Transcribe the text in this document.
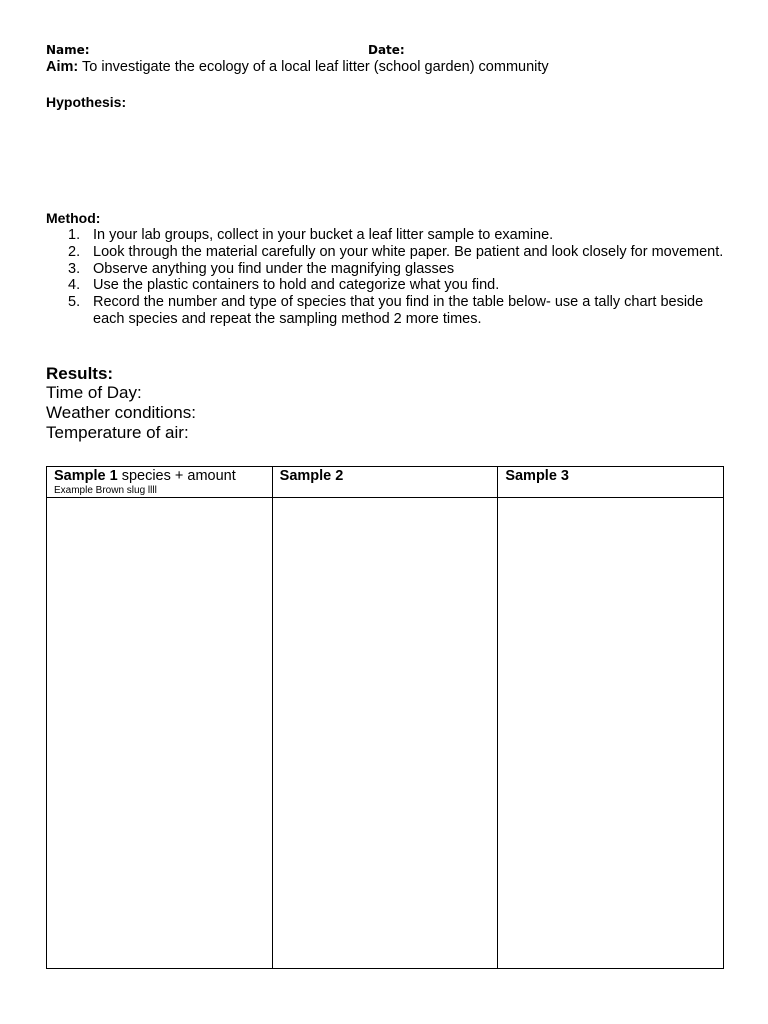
Name:	Date:
Aim: To investigate the ecology of a local leaf litter (school garden) community
Hypothesis:
Method:
1. In your lab groups, collect in your bucket a leaf litter sample to examine.
2. Look through the material carefully on your white paper. Be patient and look closely for movement.
3. Observe anything you find under the magnifying glasses
4. Use the plastic containers to hold and categorize what you find.
5. Record the number and type of species that you find in the table below- use a tally chart beside each species and repeat the sampling method 2 more times.
Results:
Time of Day:
Weather conditions:
Temperature of air:
Sample 1 species + amount
Example Brown slug llll	Sample 2	Sample 3
